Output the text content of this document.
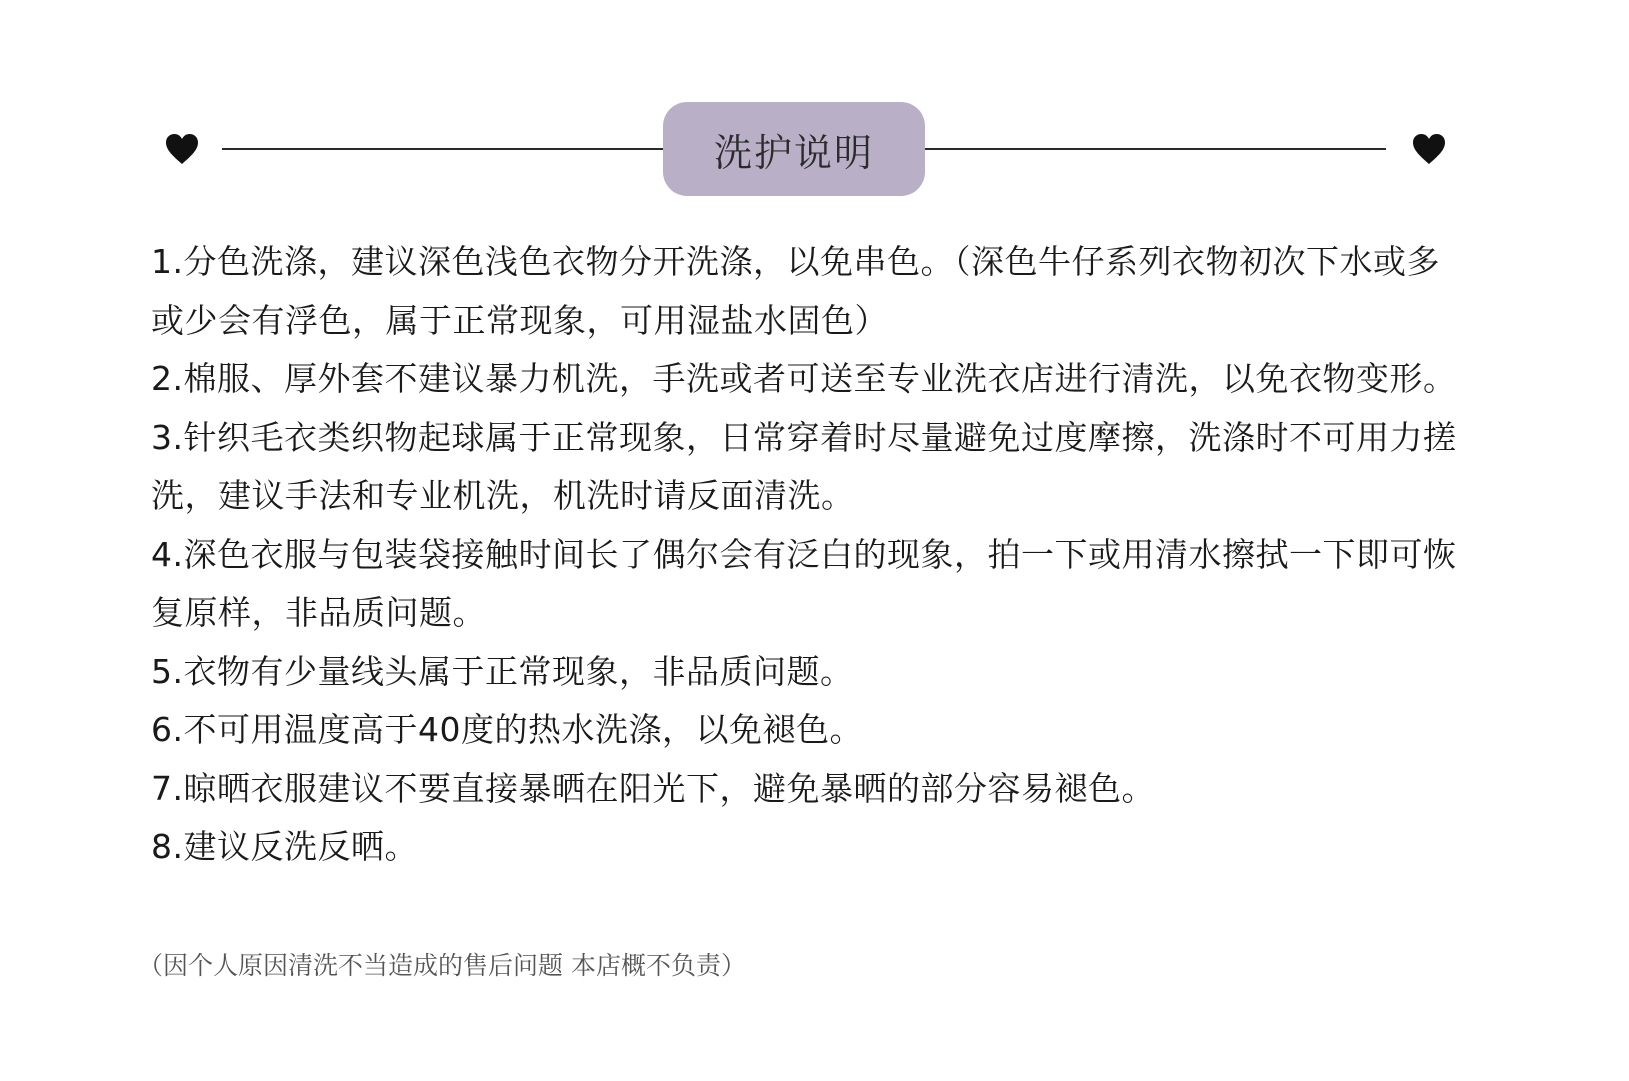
洗护说明
1.分色洗涤，建议深色浅色衣物分开洗涤，以免串色。（深色牛仔系列衣物初次下水或多或少会有浮色，属于正常现象，可用湿盐水固色）
2.棉服、厚外套不建议暴力机洗，手洗或者可送至专业洗衣店进行清洗，以免衣物变形。
3.针织毛衣类织物起球属于正常现象，日常穿着时尽量避免过度摩擦，洗涤时不可用力搓洗，建议手法和专业机洗，机洗时请反面清洗。
4.深色衣服与包装袋接触时间长了偶尔会有泛白的现象，拍一下或用清水擦拭一下即可恢复原样，非品质问题。
5.衣物有少量线头属于正常现象，非品质问题。
6.不可用温度高于40度的热水洗涤，以免褪色。
7.晾晒衣服建议不要直接暴晒在阳光下，避免暴晒的部分容易褪色。
8.建议反洗反晒。
（因个人原因清洗不当造成的售后问题 本店概不负责）
